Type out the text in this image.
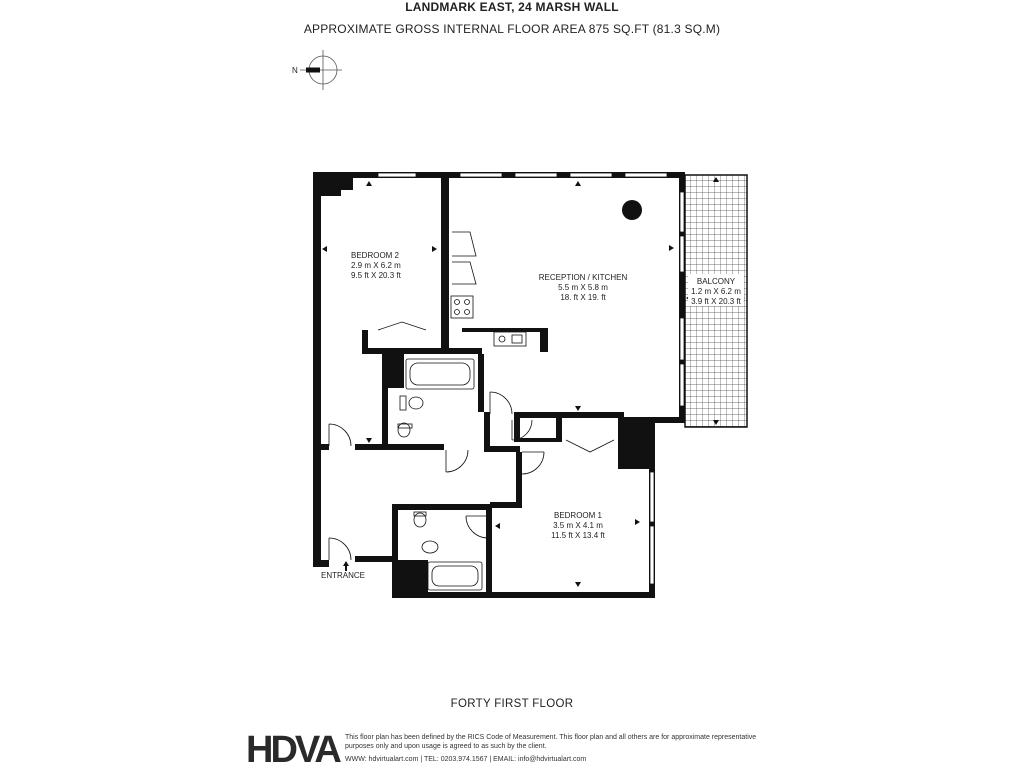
LANDMARK EAST, 24 MARSH WALL
APPROXIMATE GROSS INTERNAL FLOOR AREA 875 SQ.FT (81.3 SQ.M)
N
BEDROOM 2
2.9 m X 6.2 m
9.5 ft X 20.3 ft	RECEPTION / KITCHEN
5.5 m X 5.8 m
18. ft X 19. ft
BALCONY
1.2 m X 6.2 m
3.9 ft X 20.3 ft
BEDROOM 1
3.5 m X 4.1 m
11.5 ft X 13.4 ft
ENTRANCE
FORTY FIRST FLOOR
HDVA This floor plan has been defined by the RICS Code of Measurement. This floor plan and all others are for approximate representative purposes only and upon usage is agreed to as such by the client.
WWW: hdvirtualart.com | TEL: 0203.974.1567 | EMAIL: info@hdvirtualart.com
